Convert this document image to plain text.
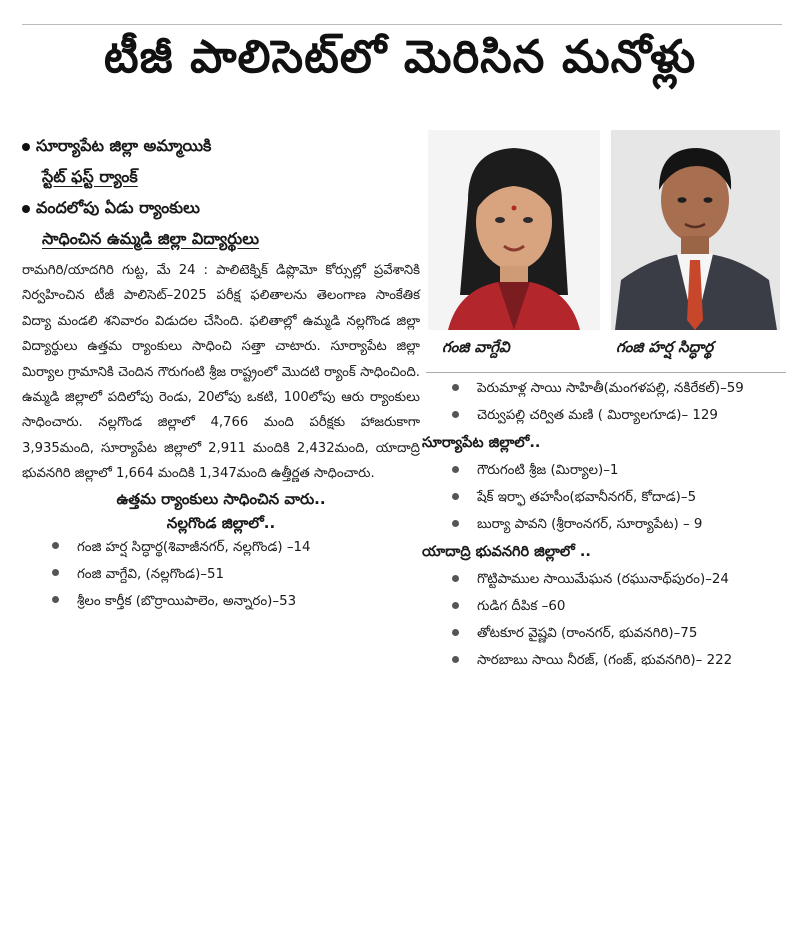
టీజీ పాలిసెట్‌లో మెరిసిన మనోళ్లు
సూర్యాపేట జిల్లా అమ్మాయికి
స్టేట్ ఫస్ట్ ర్యాంక్
వందలోపు ఏడు ర్యాంకులు
సాధించిన ఉమ్మడి జిల్లా విద్యార్థులు

రామగిరి/యాదగిరి గుట్ట, మే 24 : పాలిటెక్నిక్ డిప్లొమో కోర్సుల్లో ప్రవేశానికి నిర్వహించిన టీజీ పాలిసెట్–2025 పరీక్ష ఫలితాలను తెలంగాణ సాంకేతిక విద్యా మండలి శనివారం విడుదల చేసింది. ఫలితాల్లో ఉమ్మడి నల్లగొండ జిల్లా విద్యార్థులు ఉత్తమ ర్యాంకులు సాధించి సత్తా చాటారు. సూర్యాపేట జిల్లా మిర్యాల గ్రామానికి చెందిన గౌరుగంటి శ్రీజ రాష్ట్రంలో మొదటి ర్యాంక్ సాధించింది. ఉమ్మడి జిల్లాలో పదిలోపు రెండు, 20లోపు ఒకటి, 100లోపు ఆరు ర్యాంకులు సాధించారు. నల్లగొండ జిల్లాలో 4,766 మంది పరీక్షకు హాజరుకాగా 3,935మంది, సూర్యాపేట జిల్లాలో 2,911 మందికి 2,432మంది, యాదాద్రి భువనగిరి జిల్లాలో 1,664 మందికి 1,347మంది ఉత్తీర్ణత సాధించారు.

ఉత్తమ ర్యాంకులు సాధించిన వారు..
నల్లగొండ జిల్లాలో..
గంజి హర్ష సిద్ధార్థ(శివాజీనగర్, నల్లగొండ) –14
గంజి వాగ్దేవి, (నల్లగొండ)–51
శ్రీలం కార్తీక (బొర్రాయిపాలెం, అన్నారం)–53
గంజి వాగ్దేవి	గంజి హర్ష సిద్ధార్థ
పెరుమాళ్ల సాయి సాహితీ(మంగళపల్లి, నకిరేకల్)–59
చెర్వుపల్లి చర్విత మణి ( మిర్యాలగూడ)– 129
సూర్యాపేట జిల్లాలో..
గౌరుగంటి శ్రీజ (మిర్యాల)–1
షేక్ ఇర్ఫా తహసీం(భవానీనగర్, కోదాడ)–5
బుర్యా పావని (శ్రీరాంనగర్, సూర్యాపేట) – 9
యాదాద్రి భువనగిరి జిల్లాలో ..
గొట్టిపాముల సాయిమేఘన (రఘునాథ్‌పురం)–24
గుడిగ దీపిక –60
తోటకూర వైష్ణవి (రాంనగర్, భువనగిరి)–75
సారబాబు సాయి నీరజ్, (గంజ్, భువనగిరి)– 222
